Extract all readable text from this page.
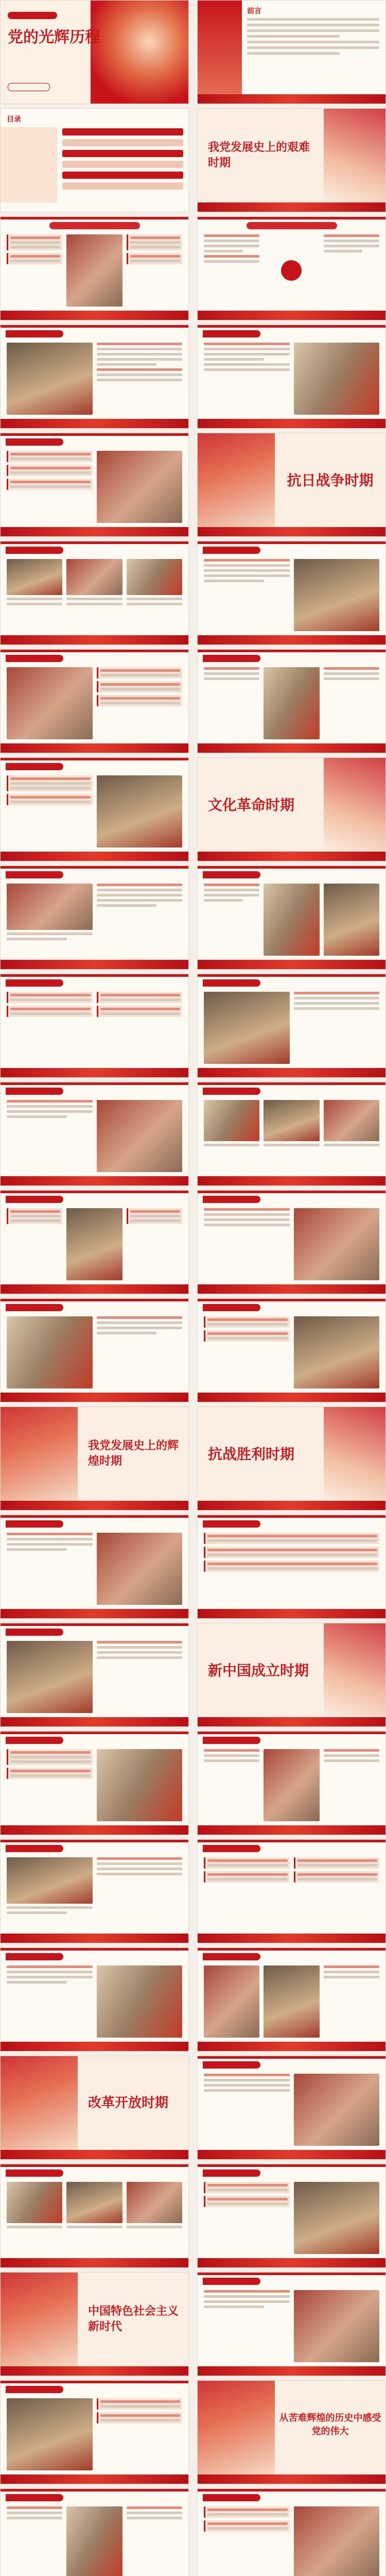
党的光辉历程
前言
目录
我党发展史上的艰难时期
抗日战争时期
文化革命时期
我党发展史上的辉煌时期	抗战胜利时期
新中国成立时期
改革开放时期
中国特色社会主义新时代
从苦难辉煌的历史中感受党的伟大
